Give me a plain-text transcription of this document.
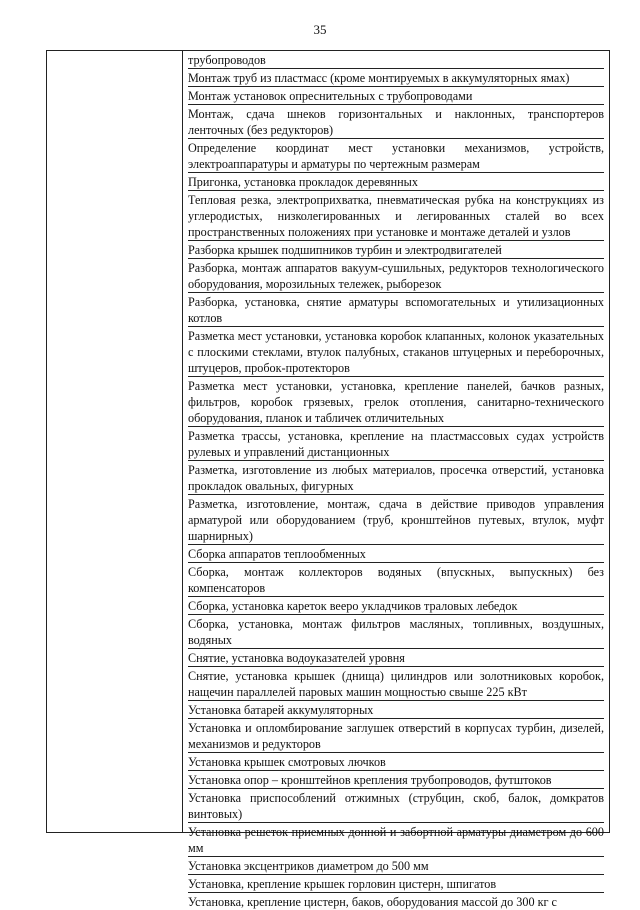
35
трубопроводов
Монтаж труб из пластмасс (кроме монтируемых в аккумуляторных ямах)
Монтаж установок опреснительных с трубопроводами
Монтаж, сдача шнеков горизонтальных и наклонных, транспортеров ленточных (без редукторов)
Определение координат мест установки механизмов, устройств, электроаппаратуры и арматуры по чертежным размерам
Пригонка, установка прокладок деревянных
Тепловая резка, электроприхватка, пневматическая рубка на конструкциях из углеродистых, низколегированных и легированных сталей во всех пространственных положениях при установке и монтаже деталей и узлов
Разборка крышек подшипников турбин и электродвигателей
Разборка, монтаж аппаратов вакуум-сушильных, редукторов технологического оборудования, морозильных тележек, рыборезок
Разборка, установка, снятие арматуры вспомогательных и утилизационных котлов
Разметка мест установки, установка коробок клапанных, колонок указательных с плоскими стеклами, втулок палубных, стаканов штуцерных и переборочных, штуцеров, пробок-протекторов
Разметка мест установки, установка, крепление панелей, бачков разных, фильтров, коробок грязевых, грелок отопления, санитарно-технического оборудования, планок и табличек отличительных
Разметка трассы, установка, крепление на пластмассовых судах устройств рулевых и управлений дистанционных
Разметка, изготовление из любых материалов, просечка отверстий, установка прокладок овальных, фигурных
Разметка, изготовление, монтаж, сдача в действие приводов управления арматурой или оборудованием (труб, кронштейнов путевых, втулок, муфт шарнирных)
Сборка аппаратов теплообменных
Сборка, монтаж коллекторов водяных (впускных, выпускных) без компенсаторов
Сборка, установка кареток вееро укладчиков траловых лебедок
Сборка, установка, монтаж фильтров масляных, топливных, воздушных, водяных
Снятие, установка водоуказателей уровня
Снятие, установка крышек (днища) цилиндров или золотниковых коробок, нащечин параллелей паровых машин мощностью свыше 225 кВт
Установка батарей аккумуляторных
Установка и опломбирование заглушек отверстий в корпусах турбин, дизелей, механизмов и редукторов
Установка крышек смотровых лючков
Установка опор – кронштейнов крепления трубопроводов, футштоков
Установка приспособлений отжимных (струбцин, скоб, балок, домкратов винтовых)
Установка решеток приемных донной и забортной арматуры диаметром до 600 мм
Установка эксцентриков диаметром до 500 мм
Установка, крепление крышек горловин цистерн, шпигатов
Установка, крепление цистерн, баков, оборудования массой до 300 кг с
